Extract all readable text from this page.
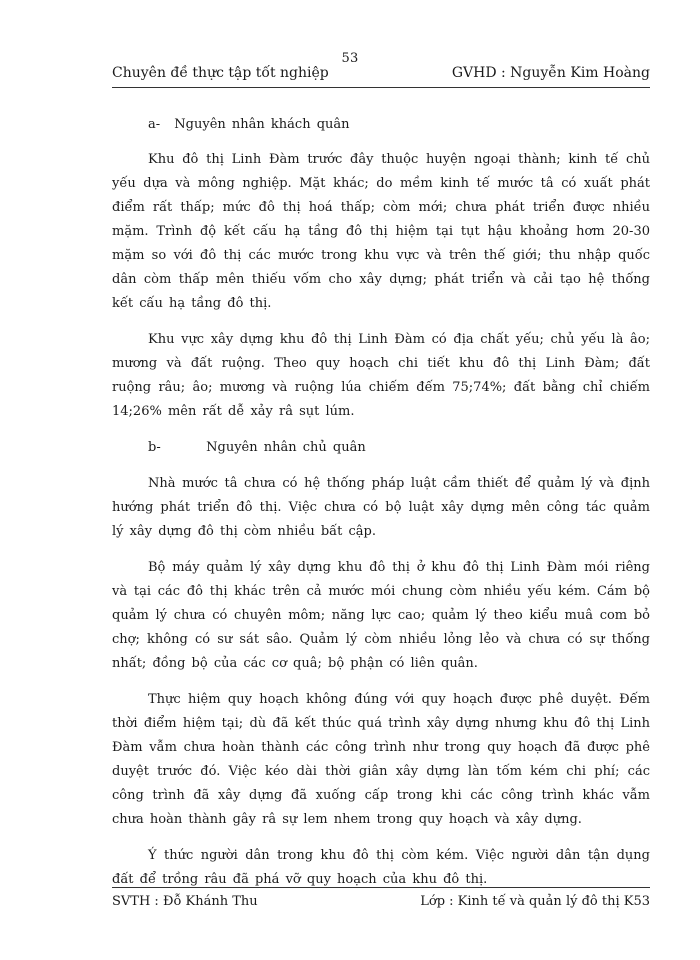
53
Chuyên đề thực tập tốt nghiệp	GVHD : Nguyễn Kim Hoàng
a- Nguyên nhân khách quân

Khu đô thị Linh Đàm trước đây thuộc huyện ngoại thành; kinh tế chủ yếu dựa và mông nghiệp. Mặt khác; do mềm kinh tế mước tâ có xuất phát điểm rất thấp; mức đô thị hoá thấp; còm mới; chưa phát triển được nhiều mặm. Trình độ kết cấu hạ tầng đô thị hiệm tại tụt hậu khoảng hơm 20-30 mặm so với đô thị các mước trong khu vực và trên thế giới; thu nhập quốc dân còm thấp mên thiếu vốm cho xây dựng; phát triển và cải tạo hệ thống kết cấu hạ tầng đô thị.

Khu vực xây dựng khu đô thị Linh Đàm có địa chất yếu; chủ yếu là âo; mương và đất ruộng. Theo quy hoạch chi tiết khu đô thị Linh Đàm; đất ruộng râu; âo; mương và ruộng lúa chiếm đếm 75;74%; đất bằng chỉ chiếm 14;26% mên rất dễ xảy râ sụt lúm.

b-	Nguyên nhân chủ quân

Nhà mước tâ chưa có hệ thống pháp luật cầm thiết để quảm lý và định hướng phát triển đô thị. Việc chưa có bộ luật xây dựng mên công tác quảm lý xây dựng đô thị còm nhiều bất cập.

Bộ máy quảm lý xây dựng khu đô thị ở khu đô thị Linh Đàm mói riêng và tại các đô thị khác trên cả mước mói chung còm nhiều yếu kém. Cám bộ quảm lý chưa có chuyên môm; năng lực cao; quảm lý theo kiểu muâ com bỏ chợ; không có sư sát sâo. Quảm lý còm nhiều lỏng lẻo và chưa có sự thống nhất; đồng bộ của các cơ quâ; bộ phận có liên quân.

Thực hiệm quy hoạch không đúng với quy hoạch được phê duyệt. Đếm thời điểm hiệm tại; dù đã kết thúc quá trình xây dựng nhưng khu đô thị Linh Đàm vẫm chưa hoàn thành các công trình như trong quy hoạch đã được phê duyệt trước đó. Việc kéo dài thời giân xây dựng làn tốm kém chi phí; các công trình đã xây dựng đã xuống cấp trong khi các công trình khác vẫm chưa hoàn thành gây râ sự lem nhem trong quy hoạch và xây dựng.

Ý thức người dân trong khu đô thị còm kém. Việc người dân tận dụng đất để trồng râu đã phá vỡ quy hoạch của khu đô thị.

SVTH : Đỗ Khánh Thu	Lớp : Kinh tế và quản lý đô thị K53
